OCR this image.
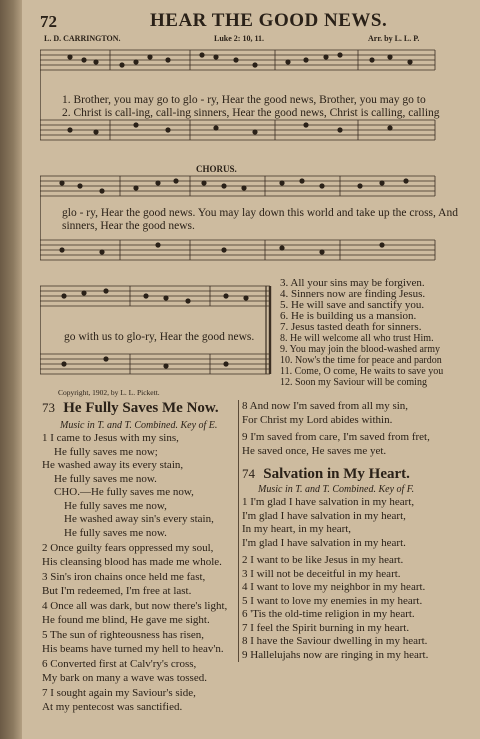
72	HEAR THE GOOD NEWS.
L. D. CARRINGTON.	Luke 2: 10, 11.	Arr. by L. L. P.
1. Brother, you may go to glo - ry, Hear the good news, Brother, you may go to
2. Christ is call-ing, call-ing sinners, Hear the good news, Christ is calling, calling
CHORUS.
glo - ry, Hear the good news. You may lay down this world and take up the cross, And
sinners, Hear the good news.
go with us to glo-ry, Hear the good news.
3. All your sins may be forgiven.
4. Sinners now are finding Jesus.
5. He will save and sanctify you.
6. He is building us a mansion.
7. Jesus tasted death for sinners.
8. He will welcome all who trust Him.
9. You may join the blood-washed army
10. Now's the time for peace and pardon
11. Come, O come, He waits to save you
12. Soon my Saviour will be coming
Copyright, 1902, by L. L. Pickett.
73 He Fully Saves Me Now.
Music in T. and T. Combined. Key of E.
1 I came to Jesus with my sins,
He fully saves me now;
He washed away its every stain,
He fully saves me now.
CHO.—He fully saves me now,
He fully saves me now,
He washed away sin's every stain,
He fully saves me now.
2 Once guilty fears oppressed my soul,
His cleansing blood has made me whole.
3 Sin's iron chains once held me fast,
But I'm redeemed, I'm free at last.
4 Once all was dark, but now there's light,
He found me blind, He gave me sight.
5 The sun of righteousness has risen,
His beams have turned my hell to heav'n.
6 Converted first at Calv'ry's cross,
My bark on many a wave was tossed.
7 I sought again my Saviour's side,
At my pentecost was sanctified.
8 And now I'm saved from all my sin,
For Christ my Lord abides within.
9 I'm saved from care, I'm saved from fret,
He saved once, He saves me yet.
74 Salvation in My Heart.
Music in T. and T. Combined. Key of F.
1 I'm glad I have salvation in my heart,
I'm glad I have salvation in my heart,
In my heart, in my heart,
I'm glad I have salvation in my heart.
2 I want to be like Jesus in my heart.
3 I will not be deceitful in my heart.
4 I want to love my neighbor in my heart.
5 I want to love my enemies in my heart.
6 'Tis the old-time religion in my heart.
7 I feel the Spirit burning in my heart.
8 I have the Saviour dwelling in my heart.
9 Hallelujahs now are ringing in my heart.
